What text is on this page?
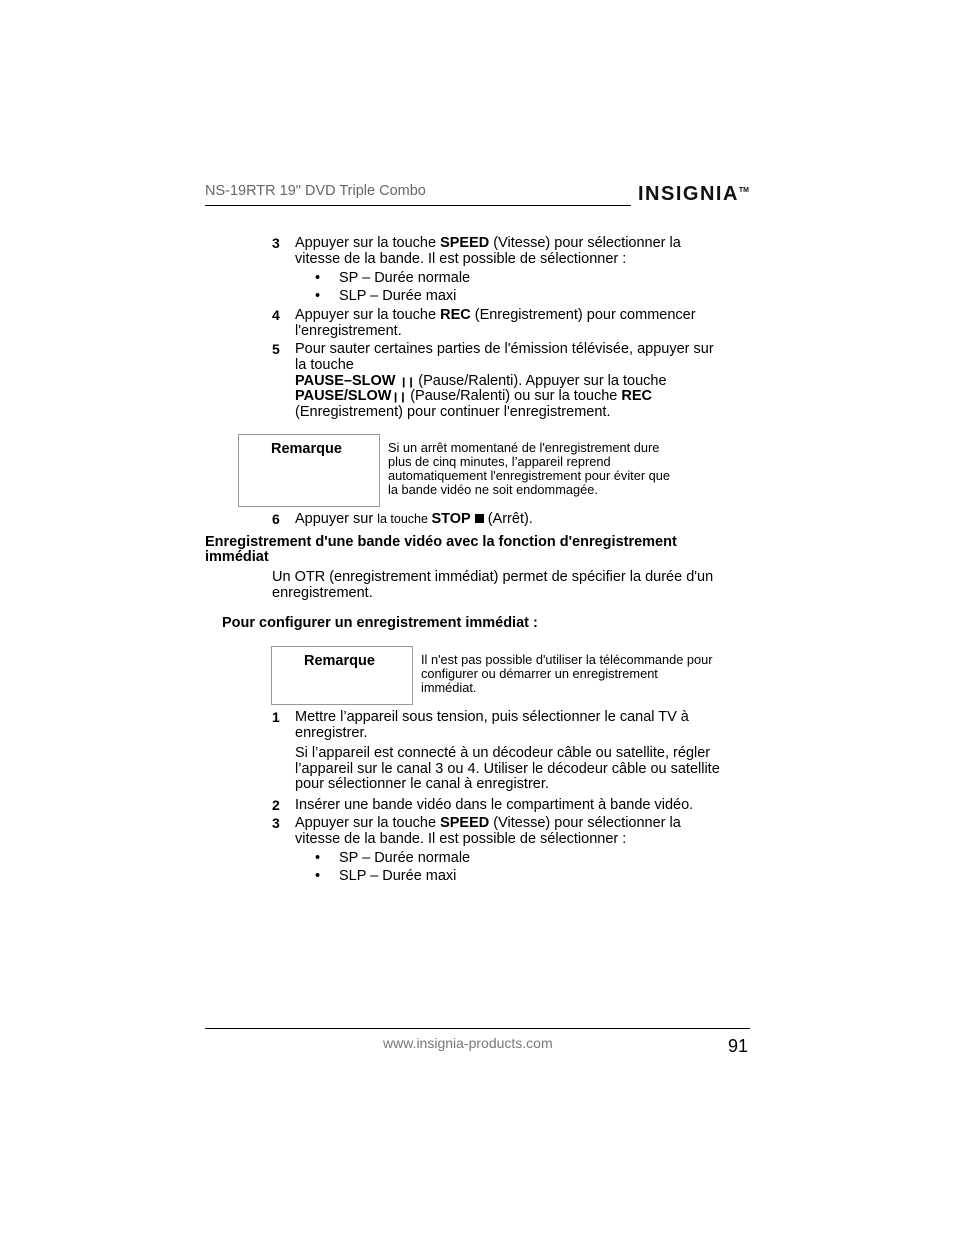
NS-19RTR 19" DVD Triple Combo	INSIGNIA™
3 Appuyer sur la touche SPEED (Vitesse) pour sélectionner la
vitesse de la bande. Il est possible de sélectionner :
• SP – Durée normale
• SLP – Durée maxi
4 Appuyer sur la touche REC (Enregistrement) pour commencer
l'enregistrement.
5 Pour sauter certaines parties de l'émission télévisée, appuyer sur
la touche
PAUSE–SLOW ❙❙ (Pause/Ralenti). Appuyer sur la touche
PAUSE/SLOW❙❙ (Pause/Ralenti) ou sur la touche REC
(Enregistrement) pour continuer l'enregistrement.
Remarque	Si un arrêt momentané de l'enregistrement dure
plus de cinq minutes, l’appareil reprend
automatiquement l'enregistrement pour éviter que
la bande vidéo ne soit endommagée.
6 Appuyer sur la touche STOP  (Arrêt).
Enregistrement d'une bande vidéo avec la fonction d'enregistrement
immédiat
Un OTR (enregistrement immédiat) permet de spécifier la durée d'un
enregistrement.
Pour configurer un enregistrement immédiat :
Remarque	Il n'est pas possible d'utiliser la télécommande pour
configurer ou démarrer un enregistrement
immédiat.
1 Mettre l’appareil sous tension, puis sélectionner le canal TV à
enregistrer.
Si l’appareil est connecté à un décodeur câble ou satellite, régler
l’appareil sur le canal 3 ou 4. Utiliser le décodeur câble ou satellite
pour sélectionner le canal à enregistrer.
2 Insérer une bande vidéo dans le compartiment à bande vidéo.
3 Appuyer sur la touche SPEED (Vitesse) pour sélectionner la
vitesse de la bande. Il est possible de sélectionner :
• SP – Durée normale
• SLP – Durée maxi
www.insignia-products.com	91
